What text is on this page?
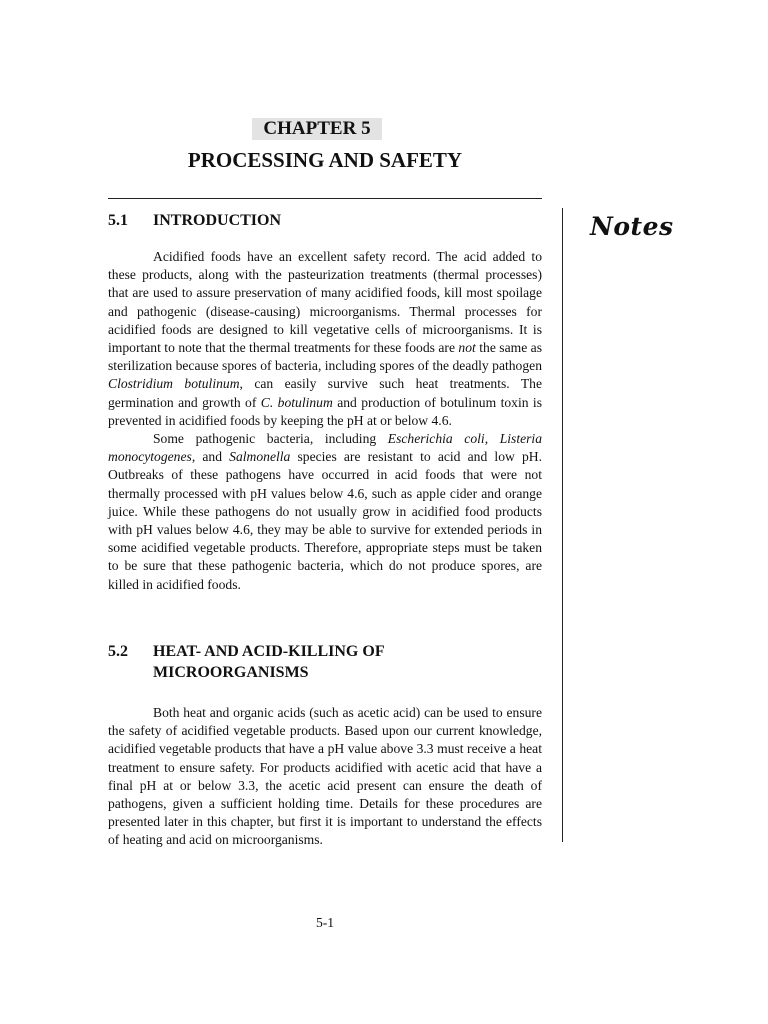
CHAPTER 5
PROCESSING AND SAFETY
Notes
5.1 INTRODUCTION

Acidified foods have an excellent safety record. The acid added to these products, along with the pasteurization treatments (thermal processes) that are used to assure preservation of many acidified foods, kill most spoilage and pathogenic (disease-causing) microorganisms. Thermal processes for acidified foods are designed to kill vegetative cells of microorganisms. It is important to note that the thermal treatments for these foods are not the same as sterilization because spores of bacteria, including spores of the deadly pathogen Clostridium botulinum, can easily survive such heat treatments. The germination and growth of C. botulinum and production of botulinum toxin is prevented in acidified foods by keeping the pH at or below 4.6.

Some pathogenic bacteria, including Escherichia coli, Listeria monocytogenes, and Salmonella species are resistant to acid and low pH. Outbreaks of these pathogens have occurred in acid foods that were not thermally processed with pH values below 4.6, such as apple cider and orange juice. While these pathogens do not usually grow in acidified food products with pH values below 4.6, they may be able to survive for extended periods in some acidified vegetable products. Therefore, appropriate steps must be taken to be sure that these pathogenic bacteria, which do not produce spores, are killed in acidified foods.

5.2 HEAT- AND ACID-KILLING OF MICROORGANISMS

Both heat and organic acids (such as acetic acid) can be used to ensure the safety of acidified vegetable products. Based upon our current knowledge, acidified vegetable products that have a pH value above 3.3 must receive a heat treatment to ensure safety. For products acidified with acetic acid that have a final pH at or below 3.3, the acetic acid present can ensure the death of pathogens, given a sufficient holding time. Details for these procedures are presented later in this chapter, but first it is important to understand the effects of heating and acid on microorganisms.

5-1
